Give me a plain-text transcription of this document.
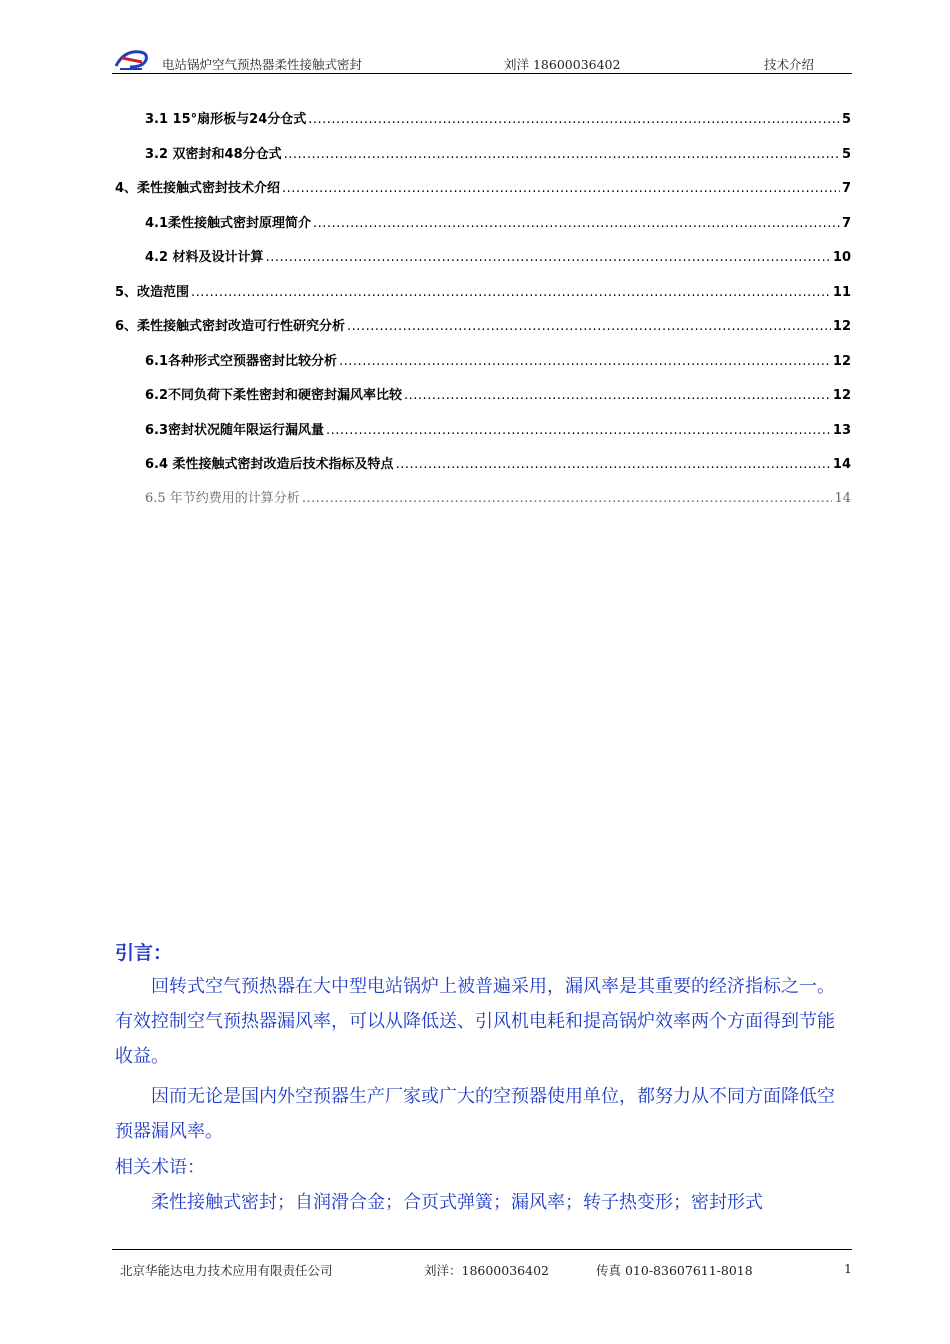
电站锅炉空气预热器柔性接触式密封	刘洋 18600036402	技术介绍
3.1 15°扇形板与24分仓式 .....	5
3.2 双密封和48分仓式 .....	5
4、柔性接触式密封技术介绍 .....	7
4.1柔性接触式密封原理简介 .....	7
4.2 材料及设计计算 .....	10
5、改造范围 .....	11
6、柔性接触式密封改造可行性研究分析 .....	12
6.1各种形式空预器密封比较分析 .....	12
6.2不同负荷下柔性密封和硬密封漏风率比较 .....	12
6.3密封状况随年限运行漏风量 .....	13
6.4 柔性接触式密封改造后技术指标及特点 .....	14
6.5 年节约费用的计算分析 .....	14
引言：

回转式空气预热器在大中型电站锅炉上被普遍采用，漏风率是其重要的经济指标之一。有效控制空气预热器漏风率，可以从降低送、引风机电耗和提高锅炉效率两个方面得到节能收益。

因而无论是国内外空预器生产厂家或广大的空预器使用单位，都努力从不同方面降低空预器漏风率。

相关术语：

柔性接触式密封；自润滑合金；合页式弹簧；漏风率；转子热变形；密封形式

北京华能达电力技术应用有限责任公司	刘洋：18600036402	传真 010-83607611-8018	1
